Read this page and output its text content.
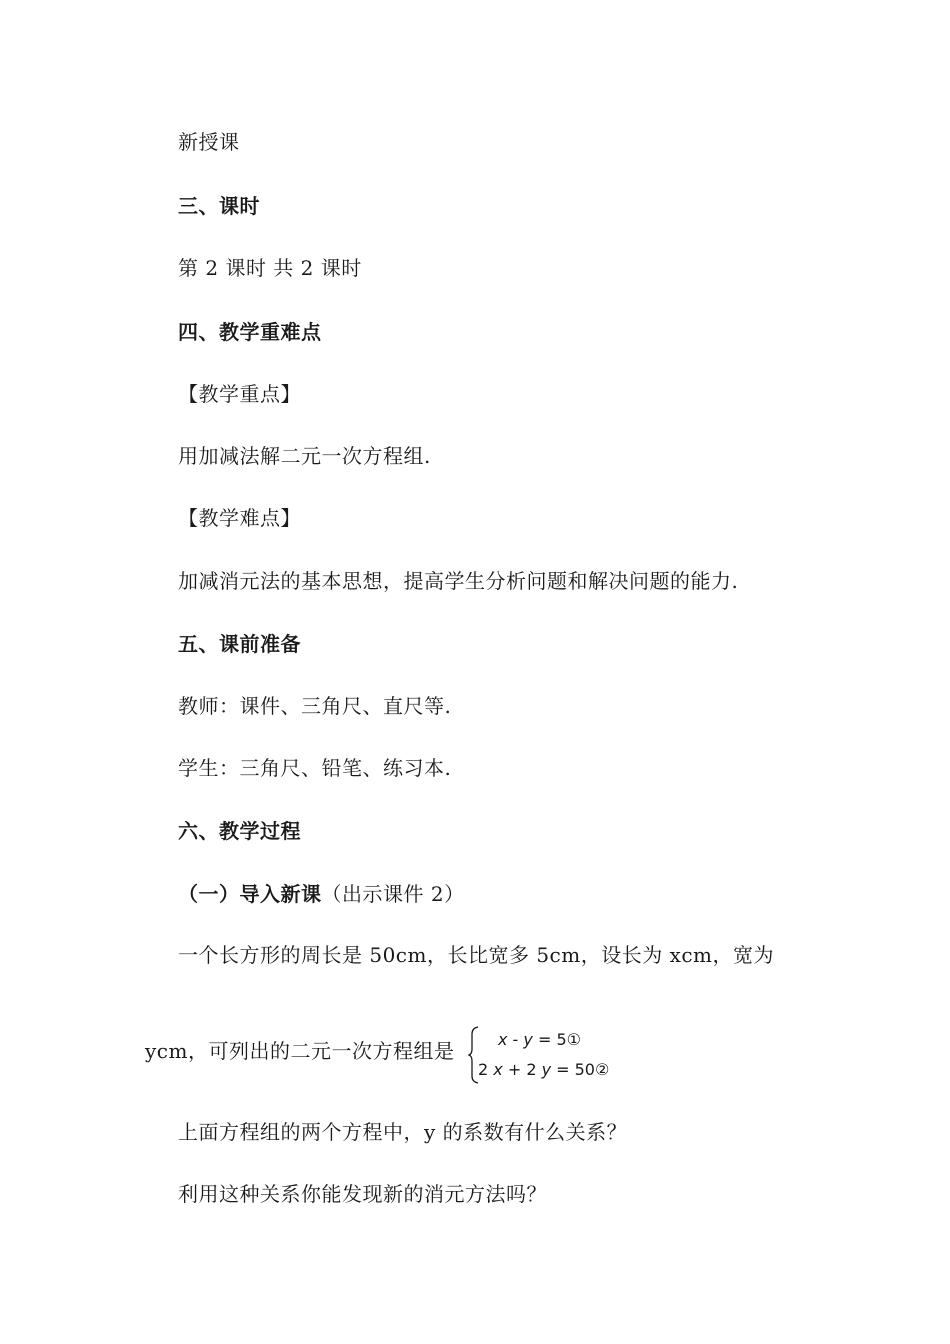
新授课
三、课时
第 2 课时 共 2 课时
四、教学重难点
【教学重点】
用加减法解二元一次方程组.
【教学难点】
加减消元法的基本思想，提高学生分析问题和解决问题的能力.
五、课前准备
教师：课件、三角尺、直尺等.
学生：三角尺、铅笔、练习本.
六、教学过程
（一）导入新课（出示课件 2）
一个长方形的周长是 50cm，长比宽多 5cm，设长为 xcm，宽为
ycm，可列出的二元一次方程组是	x - y = 5①
2 x + 2 y = 50②
上面方程组的两个方程中，y 的系数有什么关系？
利用这种关系你能发现新的消元方法吗？
